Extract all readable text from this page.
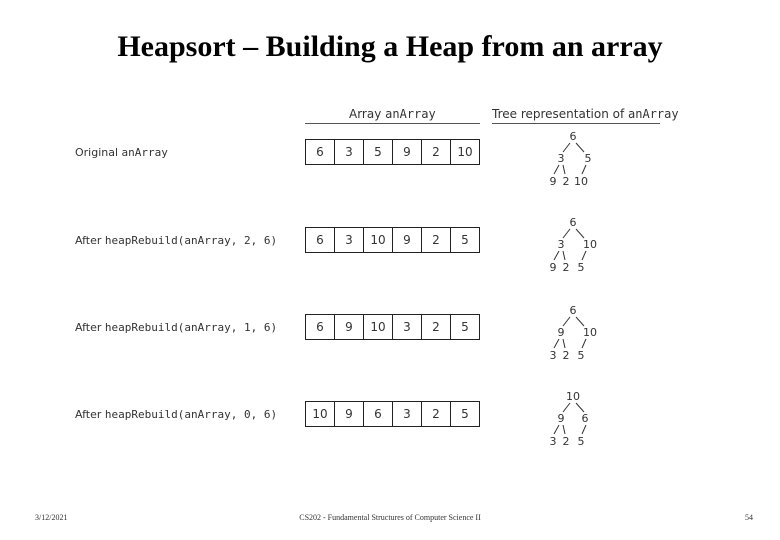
Heapsort – Building a Heap from an array
Array anArray	Tree representation of anArray
Original anArray	6	3	5	9	2	10
6
3 5
9 2 10
After heapRebuild(anArray, 2, 6)	6	3	10	9	2	5
6
3 10
9 2 5
After heapRebuild(anArray, 1, 6)	6	9	10	3	2	5
6
9 10
3 2 5
After heapRebuild(anArray, 0, 6)	10	9	6	3	2	5
10
9 6
3 2 5
3/12/2021	CS202 - Fundamental Structures of Computer Science II	54
